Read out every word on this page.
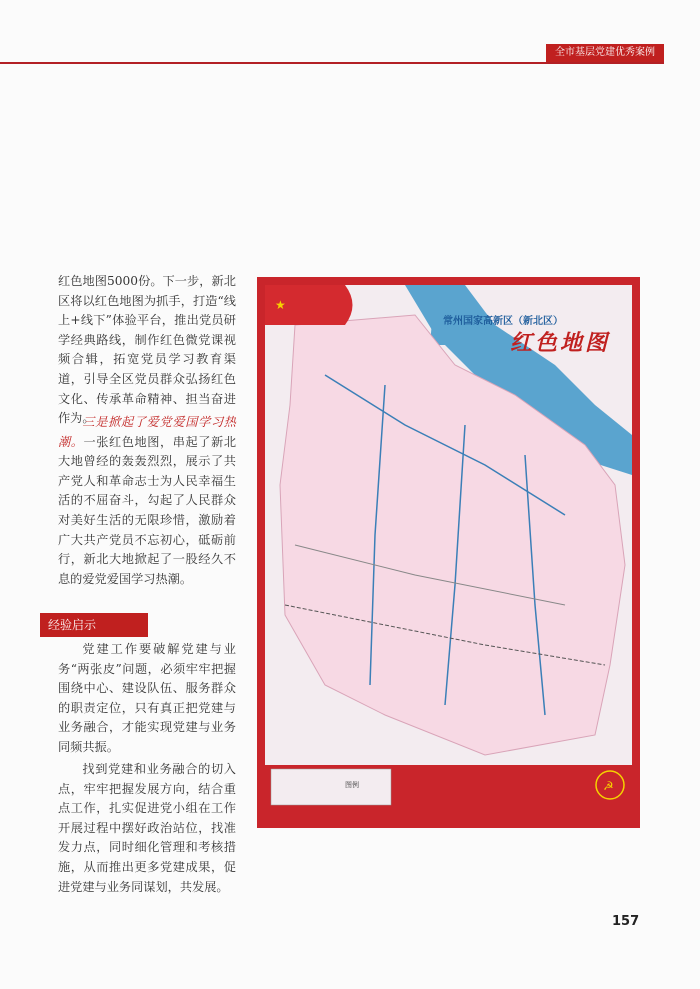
全市基层党建优秀案例

红色地图5000份。下一步，新北区将以红色地图为抓手，打造“线上+线下”体验平台，推出党员研学经典路线，制作红色微党课视频合辑，拓宽党员学习教育渠道，引导全区党员群众弘扬红色文化、传承革命精神、担当奋进作为。

三是掀起了爱党爱国学习热潮。一张红色地图，串起了新北大地曾经的轰轰烈烈，展示了共产党人和革命志士为人民幸福生活的不屈奋斗，勾起了人民群众对美好生活的无限珍惜，激励着广大共产党员不忘初心，砥砺前行，新北大地掀起了一股经久不息的爱党爱国学习热潮。

经验启示

党建工作要破解党建与业务“两张皮”问题，必须牢牢把握围绕中心、建设队伍、服务群众的职责定位，只有真正把党建与业务融合，才能实现党建与业务同频共振。

找到党建和业务融合的切入点，牢牢把握发展方向，结合重点工作，扎实促进党小组在工作开展过程中摆好政治站位，找准发力点，同时细化管理和考核措施，从而推出更多党建成果，促进党建与业务同谋划，共发展。

★
☭
常州国家高新区（新北区）
红色地图
图例
157
